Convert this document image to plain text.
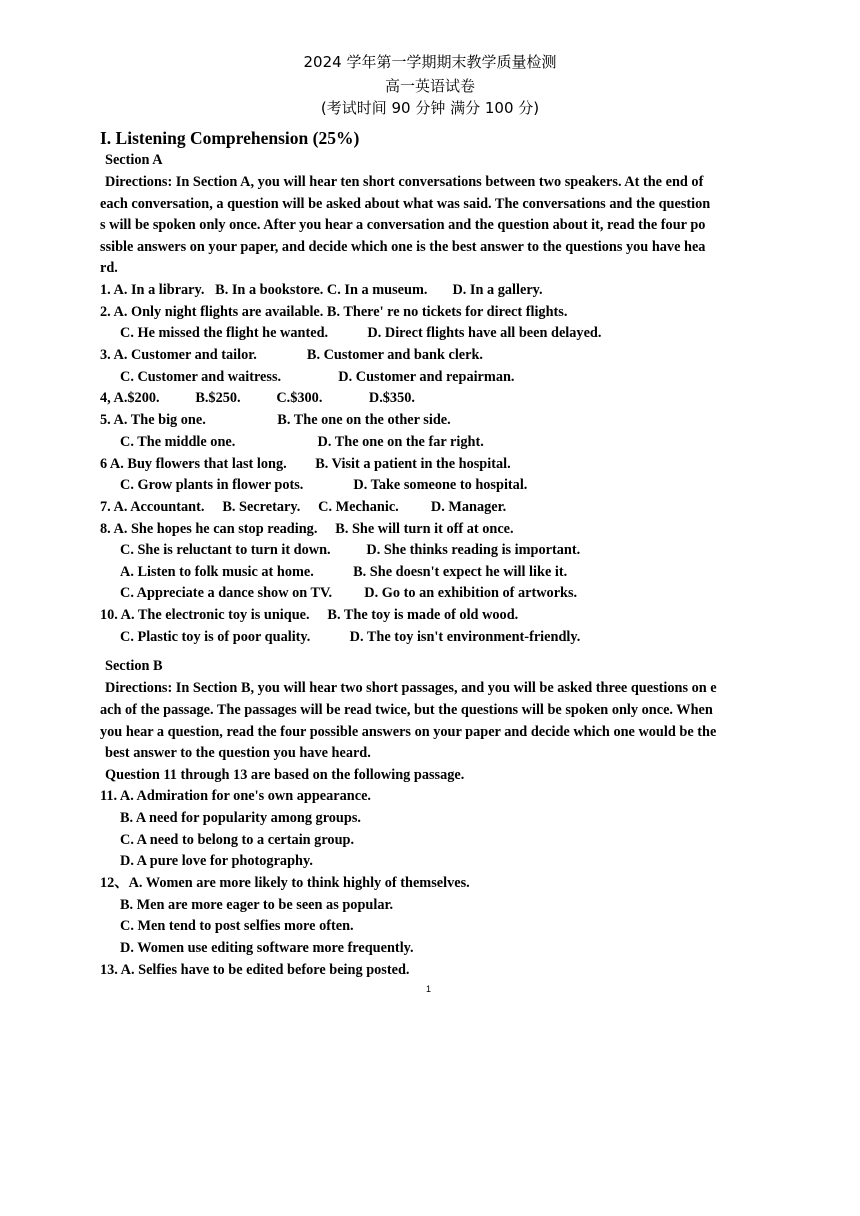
2024 学年第一学期期末教学质量检测
高一英语试卷
(考试时间 90 分钟 满分 100 分)
I. Listening Comprehension (25%)
Section A
Directions: In Section A, you will hear ten short conversations between two speakers. At the end of
each conversation, a question will be asked about what was said. The conversations and the question
s will be spoken only once. After you hear a conversation and the question about it, read the four po
ssible answers on your paper, and decide which one is the best answer to the questions you have hea
rd.
1. A. In a library.   B. In a bookstore. C. In a museum.       D. In a gallery.
2. A. Only night flights are available. B. There' re no tickets for direct flights.
C. He missed the flight he wanted.           D. Direct flights have all been delayed.
3. A. Customer and tailor.              B. Customer and bank clerk.
C. Customer and waitress.                D. Customer and repairman.
4, A.$200.          B.$250.          C.$300.             D.$350.
5. A. The big one.                    B. The one on the other side.
C. The middle one.                       D. The one on the far right.
6 A. Buy flowers that last long.        B. Visit a patient in the hospital.
C. Grow plants in flower pots.              D. Take someone to hospital.
7. A. Accountant.     B. Secretary.     C. Mechanic.         D. Manager.
8. A. She hopes he can stop reading.     B. She will turn it off at once.
C. She is reluctant to turn it down.          D. She thinks reading is important.
A. Listen to folk music at home.           B. She doesn't expect he will like it.
C. Appreciate a dance show on TV.         D. Go to an exhibition of artworks.
10. A. The electronic toy is unique.     B. The toy is made of old wood.
C. Plastic toy is of poor quality.           D. The toy isn't environment-friendly.
Section B
Directions: In Section B, you will hear two short passages, and you will be asked three questions on e
ach of the passage. The passages will be read twice, but the questions will be spoken only once. When
you hear a question, read the four possible answers on your paper and decide which one would be the
best answer to the question you have heard.
Question 11 through 13 are based on the following passage.
11. A. Admiration for one's own appearance.
B. A need for popularity among groups.
C. A need to belong to a certain group.
D. A pure love for photography.
12、A. Women are more likely to think highly of themselves.
B. Men are more eager to be seen as popular.
C. Men tend to post selfies more often.
D. Women use editing software more frequently.
13. A. Selfies have to be edited before being posted.
1
